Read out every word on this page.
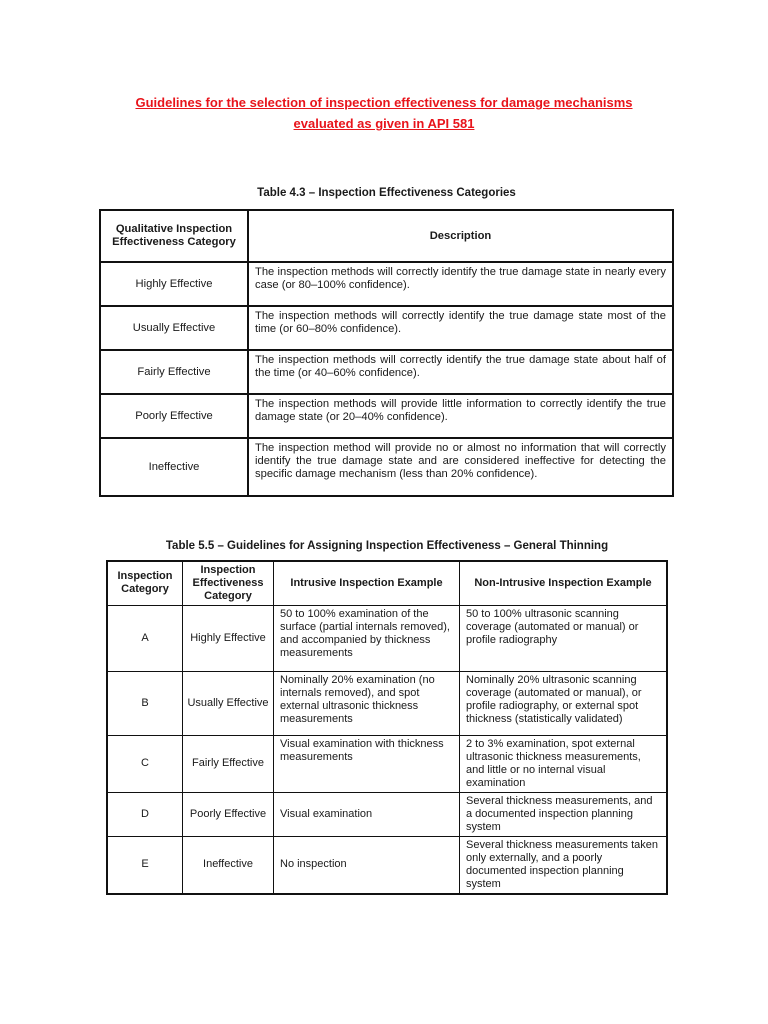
Guidelines for the selection of inspection effectiveness for damage mechanisms
evaluated as given in API 581
Table 4.3 – Inspection Effectiveness Categories
Qualitative Inspection Effectiveness Category	Description
Highly Effective	The inspection methods will correctly identify the true damage state in nearly every case (or 80–100% confidence).
Usually Effective	The inspection methods will correctly identify the true damage state most of the time (or 60–80% confidence).
Fairly Effective	The inspection methods will correctly identify the true damage state about half of the time (or 40–60% confidence).
Poorly Effective	The inspection methods will provide little information to correctly identify the true damage state (or 20–40% confidence).
Ineffective	The inspection method will provide no or almost no information that will correctly identify the true damage state and are considered ineffective for detecting the specific damage mechanism (less than 20% confidence).
Table 5.5 – Guidelines for Assigning Inspection Effectiveness – General Thinning
Inspection Category	Inspection Effectiveness Category	Intrusive Inspection Example	Non-Intrusive Inspection Example
A	Highly Effective	50 to 100% examination of the surface (partial internals removed), and accompanied by thickness measurements	50 to 100% ultrasonic scanning coverage (automated or manual) or profile radiography
B	Usually Effective	Nominally 20% examination (no internals removed), and spot external ultrasonic thickness measurements	Nominally 20% ultrasonic scanning coverage (automated or manual), or profile radiography, or external spot thickness (statistically validated)
C	Fairly Effective	Visual examination with thickness measurements	2 to 3% examination, spot external ultrasonic thickness measurements, and little or no internal visual examination
D	Poorly Effective	Visual examination	Several thickness measurements, and a documented inspection planning system
E	Ineffective	No inspection	Several thickness measurements taken only externally, and a poorly documented inspection planning system
